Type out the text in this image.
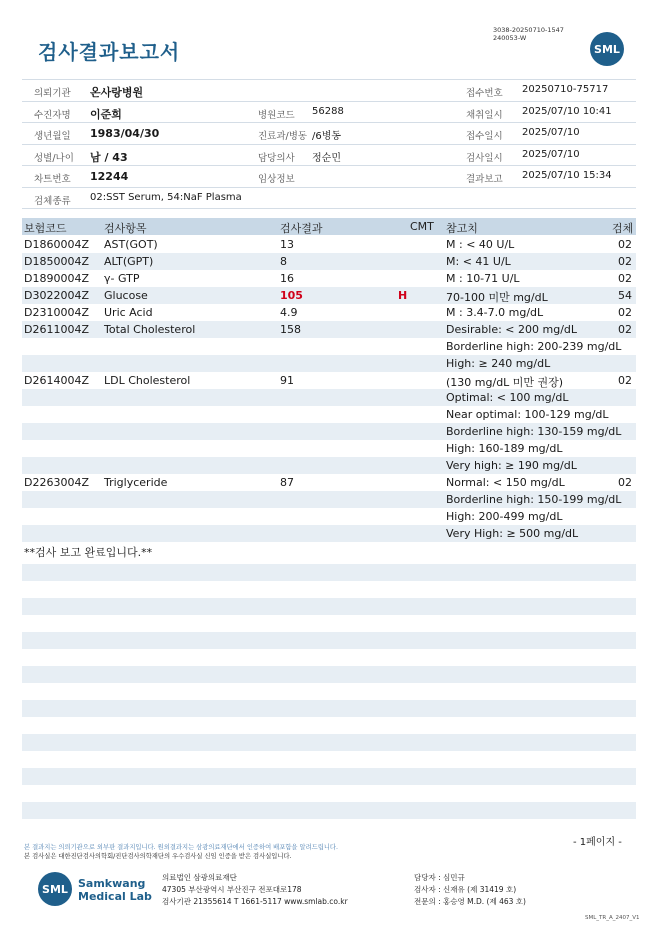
검사결과보고서
3038-20250710-1547
240053-W
SML
의뢰기관 온사랑병원	접수번호 20250710-75717
수진자명 이준희	병원코드 56288	채취일시 2025/07/10 10:41
생년월일 1983/04/30	진료과/병동 /6병동	접수일시 2025/07/10
성별/나이 남 / 43	담당의사 정순민	검사일시 2025/07/10
차트번호 12244	임상정보	결과보고 2025/07/10 15:34
검체종류 02:SST Serum, 54:NaF Plasma
보험코드	검사항목	검사결과	CMT 참고치	검체
D1860004Z AST(GOT)	13	M : < 40 U/L	02
D1850004Z ALT(GPT)	8	M: < 41 U/L	02
D1890004Z γ- GTP	16	M : 10-71 U/L	02
D3022004Z Glucose	105	H	70-100 미만 mg/dL	54
D2310004Z Uric Acid	4.9	M : 3.4-7.0 mg/dL	02
D2611004Z Total Cholesterol	158	Desirable: < 200 mg/dL	02
Borderline high: 200-239 mg/dL
High: ≥ 240 mg/dL
D2614004Z LDL Cholesterol	91	(130 mg/dL 미만 권장)	02
Optimal: < 100 mg/dL
Near optimal: 100-129 mg/dL
Borderline high: 130-159 mg/dL
High: 160-189 mg/dL
Very high: ≥ 190 mg/dL
D2263004Z Triglyceride	87	Normal: < 150 mg/dL	02
Borderline high: 150-199 mg/dL
High: 200-499 mg/dL
Very High: ≥ 500 mg/dL
**검사 보고 완료입니다.**
- 1페이지 -
본 결과지는 의뢰기관으로 외부판 결과지입니다. 원외결과지는 삼광의료재단에서 인증하여 배포함을 알려드립니다.
본 검사실은 대한진단검사의학회/진단검사의학재단의 우수검사실 신임 인증을 받은 검사실입니다.
SML Samkwang
Medical Lab
의료법인 삼광의료재단
47305 부산광역시 부산진구 전포대로178
검사기관 21355614 T 1661-5117 www.smlab.co.kr
담당자 : 심민규
검사자 : 신재유 (제 31419 호)
전문의 : 홍승영 M.D. (제 463 호)
SML_TR_A_2407_V1
